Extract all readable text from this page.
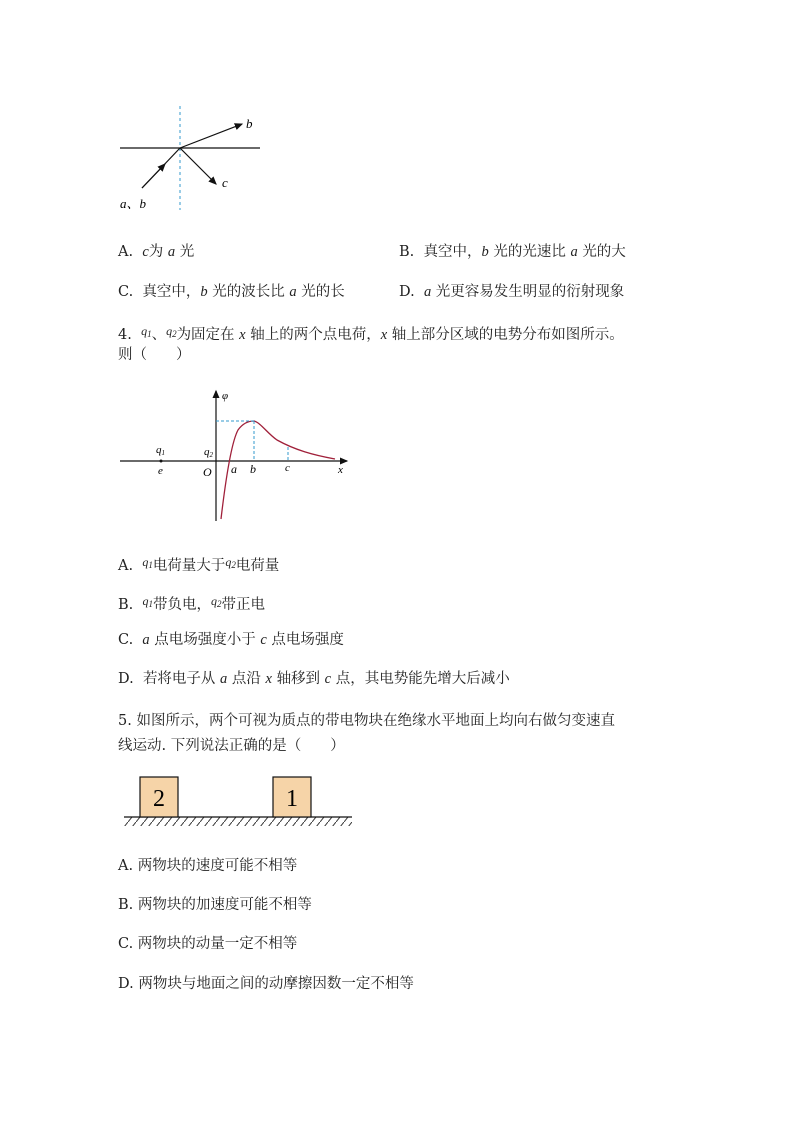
b
c
a、b
A. c为 a 光	B. 真空中，b 光的光速比 a 光的大
C. 真空中，b 光的波长比 a 光的长	D. a 光更容易发生明显的衍射现象
4. $^{q_1}$、$^{q_2}$为固定在 x 轴上的两个点电荷，x 轴上部分区域的电势分布如图所示。
则（　　）
φ
q1	q2
e	O a b	c	x
A. $^{q_1}$电荷量大于$^{q_2}$电荷量
B. $^{q_1}$带负电，$^{q_2}$带正电
C. a 点电场强度小于 c 点电场强度
D. 若将电子从 a 点沿 x 轴移到 c 点，其电势能先增大后减小
5. 如图所示，两个可视为质点的带电物块在绝缘水平地面上均向右做匀变速直
线运动. 下列说法正确的是（　　）
2	1
A. 两物块的速度可能不相等
B. 两物块的加速度可能不相等
C. 两物块的动量一定不相等
D. 两物块与地面之间的动摩擦因数一定不相等
